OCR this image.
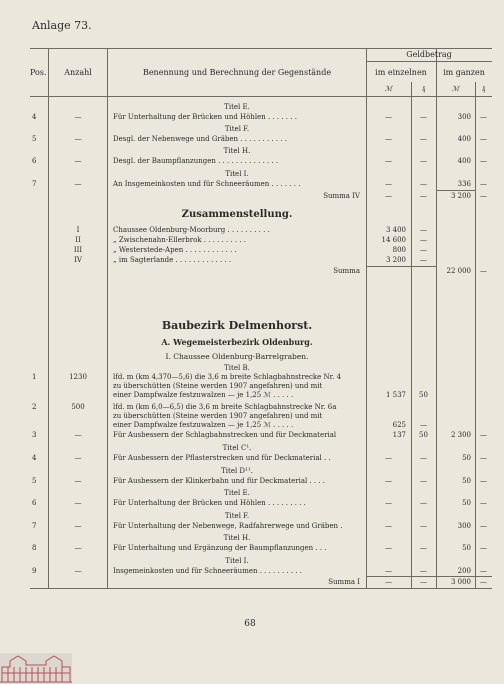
Anlage 73.
Pos.	Anzahl	Benennung und Berechnung der Gegenstände
Geldbetrag
im einzelnen	im ganzen
ℳ	₰	ℳ	₰
Titel E.
4	—	Für Unterhaltung der Brücken und Höhlen . . . . . . .	—	—	300	—
Titel F.
5	—	Desgl. der Nebenwege und Gräben . . . . . . . . . . .	—	—	400	—
Titel H.
6	—	Desgl. der Baumpflanzungen . . . . . . . . . . . . . .	—	—	400	—
Titel I.
7	—	An Insgemeinkosten und für Schneeräumen . . . . . . .	—	—	336	—
Summa IV	—	—	3 200	—
Zusammenstellung.
I	Chaussee Oldenburg-Moorburg . . . . . . . . . .	3 400	—
II	„ Zwischenahn-Ellerbrok . . . . . . . . . .	14 600	—
III	„ Westerstede-Apen . . . . . . . . . . . .	800	—
IV	„ im Sagterlande . . . . . . . . . . . . .	3 200	—
Summa	22 000	—
Baubezirk Delmenhorst.
A. Wegemeisterbezirk Oldenburg.
I. Chaussee Oldenburg-Barrelgraben.
Titel B.
1	1230	lfd. m (km 4,370—5,6) die 3,6 m breite Schlagbahnstrecke Nr. 4
zu überschütten (Steine werden 1907 angefahren) und mit
einer Dampfwalze festzuwalzen — je 1,25 ℳ . . . . .	1 537	50
2	500	lfd. m (km 6,0—6,5) die 3,6 m breite Schlagbahnstrecke Nr. 6a
zu überschütten (Steine werden 1907 angefahren) und mit
einer Dampfwalze festzuwalzen — je 1,25 ℳ . . . . .	625	—
3	—	Für Ausbessern der Schlagbahnstrecken und für Deckmaterial	137	50	2 300	—
Titel C¹.
4	—	Für Ausbessern der Pflasterstrecken und für Deckmaterial . .	—	—	50	—
Titel D¹¹.
5	—	Für Ausbessern der Klinkerbahn und für Deckmaterial . . . .	—	—	50	—
Titel E.
6	—	Für Unterhaltung der Brücken und Höhlen . . . . . . . . .	—	—	50	—
Titel F.
7	—	Für Unterhaltung der Nebenwege, Radfahrerwege und Gräben .	—	—	300	—
Titel H.
8	—	Für Unterhaltung und Ergänzung der Baumpflanzungen . . .	—	—	50	—
Titel I.
9	—	Insgemeinkosten und für Schneeräumen . . . . . . . . . .	—	—	200	—
Summa I	—	—	3 000	—
68
